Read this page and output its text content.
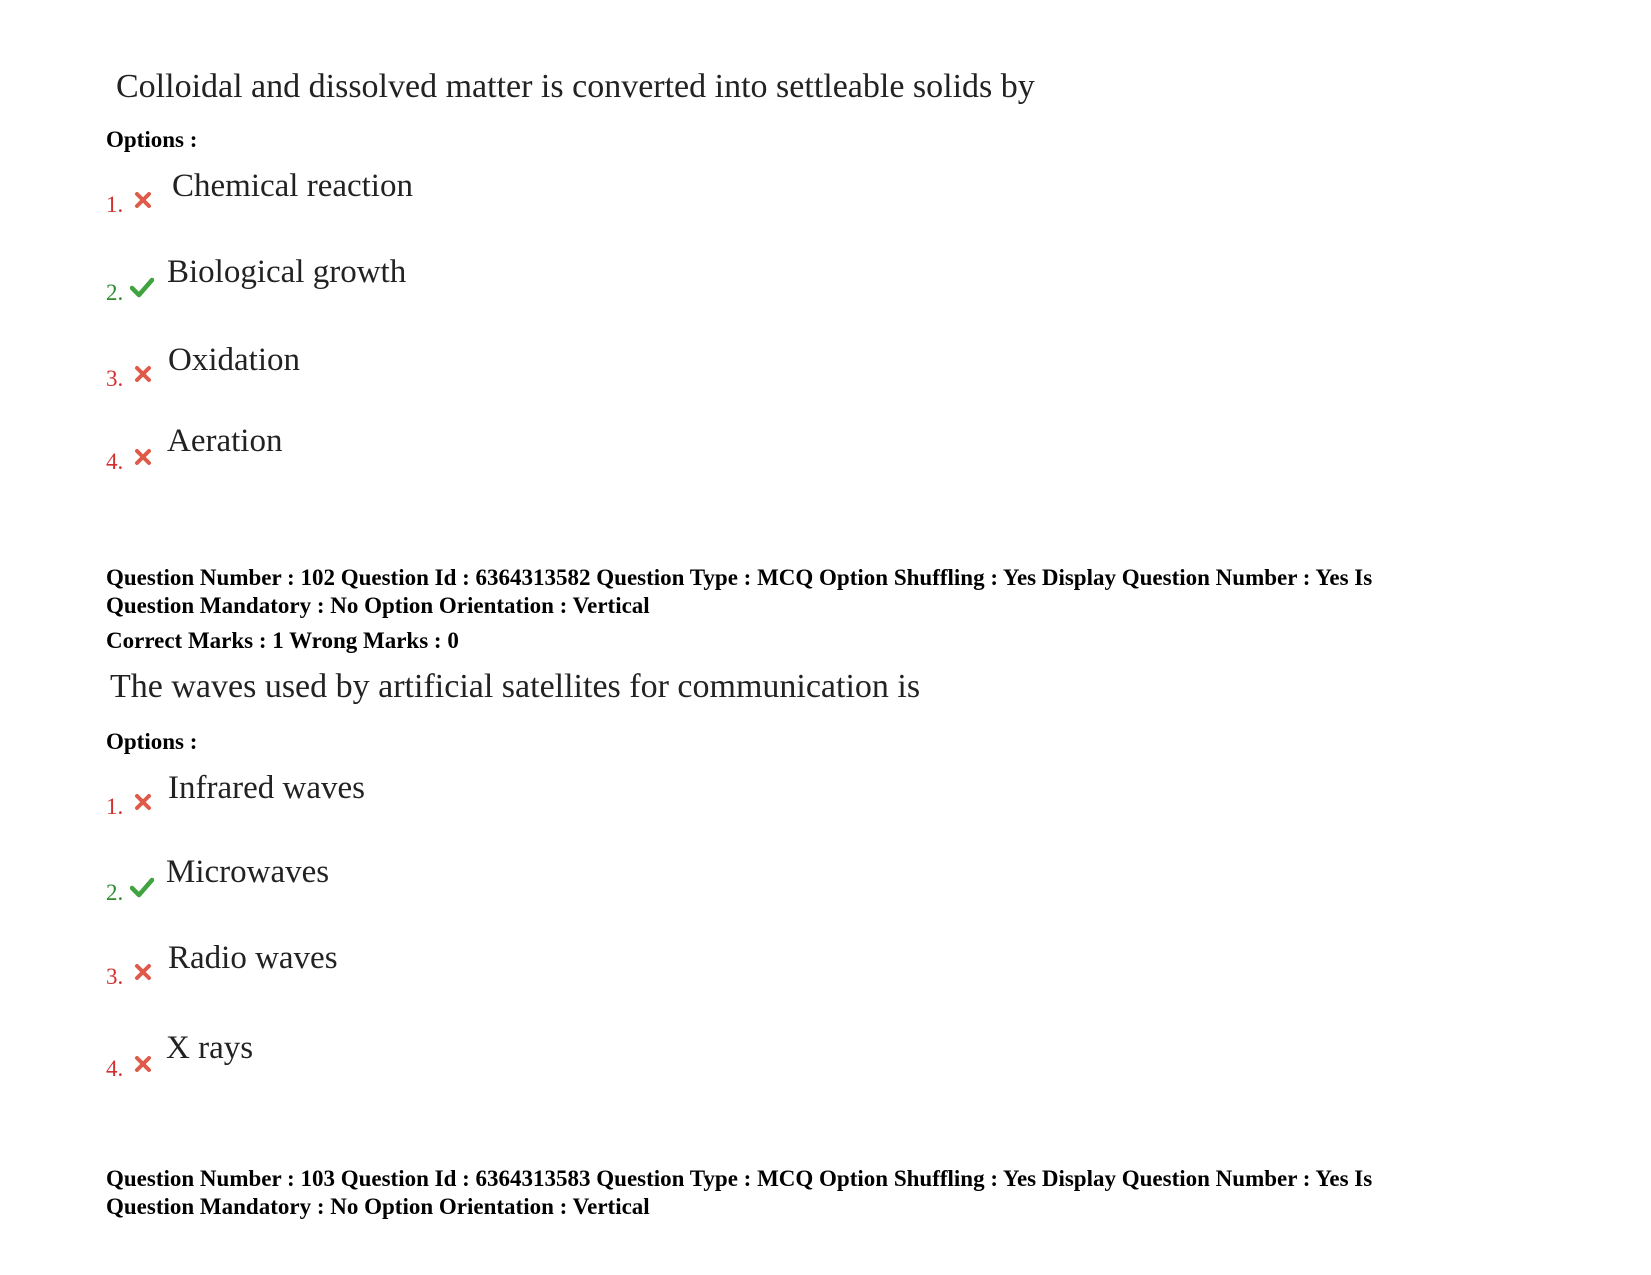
Colloidal and dissolved matter is converted into settleable solids by
Options :
1.
Chemical reaction
2.
Biological growth
3.
Oxidation
4.
Aeration
Question Number : 102 Question Id : 6364313582 Question Type : MCQ Option Shuffling : Yes Display Question Number : Yes Is
Question Mandatory : No Option Orientation : Vertical
Correct Marks : 1 Wrong Marks : 0
The waves used by artificial satellites for communication is
Options :
1.
Infrared waves
2.
Microwaves
3.
Radio waves
4.
X rays
Question Number : 103 Question Id : 6364313583 Question Type : MCQ Option Shuffling : Yes Display Question Number : Yes Is
Question Mandatory : No Option Orientation : Vertical
